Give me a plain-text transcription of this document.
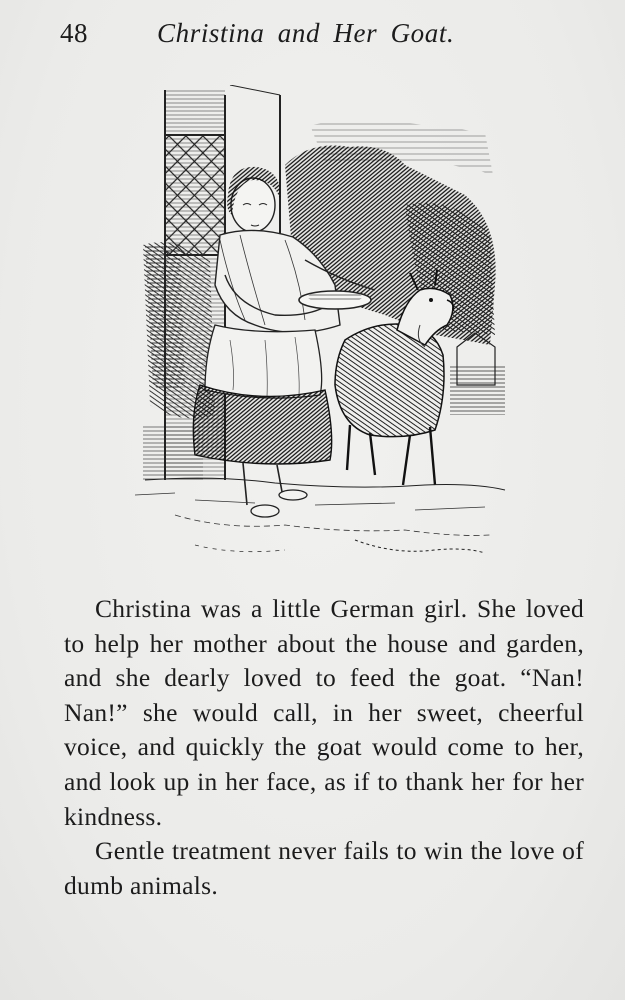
48	Christina and Her Goat.

Christina was a little German girl. She loved to help her mother about the house and garden, and she dearly loved to feed the goat. “Nan! Nan!” she would call, in her sweet, cheerful voice, and quickly the goat would come to her, and look up in her face, as if to thank her for her kindness.

Gentle treatment never fails to win the love of dumb animals.
